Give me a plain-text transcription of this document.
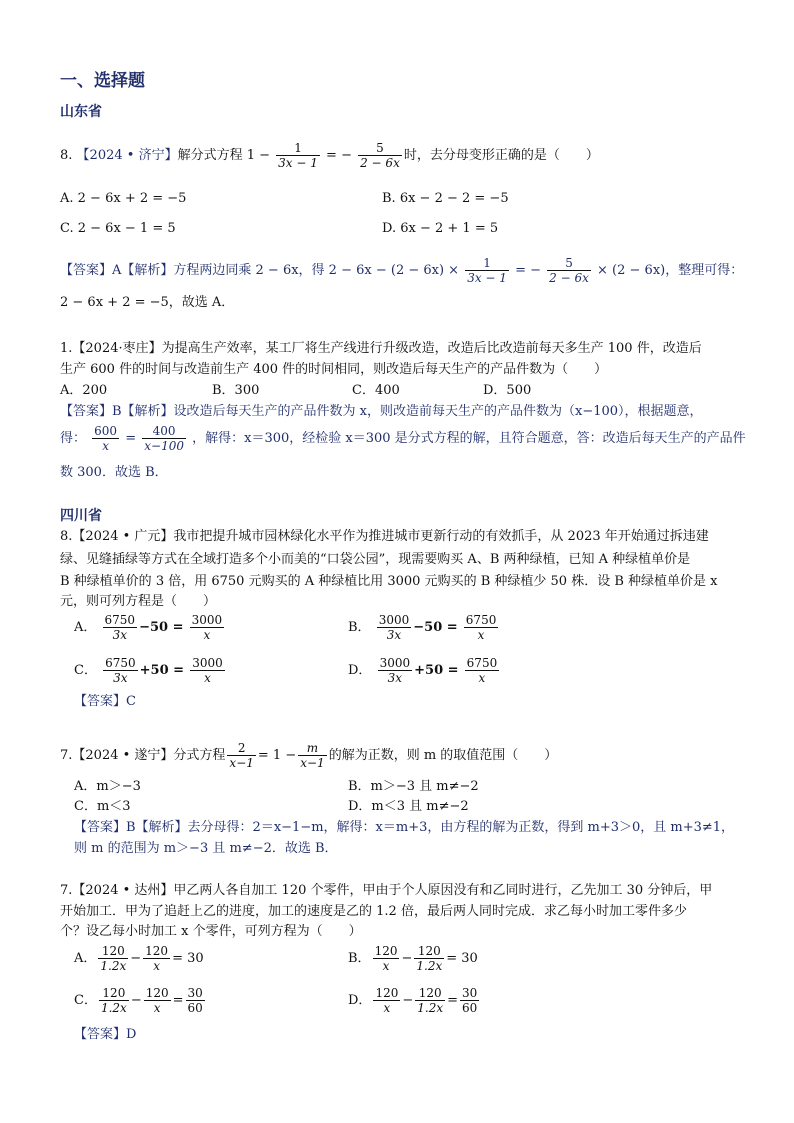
一、选择题
山东省
8. 【2024 • 济宁】解分式方程 $1 - \frac{1}{3x - 1}$ = − $\frac{5}{2 - 6x}$ 时，去分母变形正确的是（　　）
A. 2 − 6x + 2 = −5	B. 6x − 2 − 2 = −5
C. 2 − 6x − 1 = 5	D. 6x − 2 + 1 = 5
【答案】A【解析】方程两边同乘 2 − 6x，得 $2 - 6x - (2 - 6x) \times \frac{1}{3x - 1}$ = − $\frac{5}{2 - 6x} \times (2 - 6x)$，整理可得：
2 − 6x + 2 = −5，故选 A．
1.【2024·枣庄】为提高生产效率，某工厂将生产线进行升级改造，改造后比改造前每天多生产 100 件，改造后
生产 600 件的时间与改造前生产 400 件的时间相同，则改造后每天生产的产品件数为（　　）
A．200	B．300	C．400	D．500
【答案】B【解析】设改造后每天生产的产品件数为 x，则改造前每天生产的产品件数为（x−100），根据题意，
得： $\frac{600}{x} = \frac{400}{x-100}$ ，解得：x＝300，经检验 x＝300 是分式方程的解，且符合题意，答：改造后每天生产的产品件
数 300．故选 B．
四川省
8.【2024 • 广元】我市把提升城市园林绿化水平作为推进城市更新行动的有效抓手，从 2023 年开始通过拆违建
绿、见缝插绿等方式在全域打造多个小而美的“口袋公园”，现需要购买 A、B 两种绿植，已知 A 种绿植单价是
B 种绿植单价的 3 倍，用 6750 元购买的 A 种绿植比用 3000 元购买的 B 种绿植少 50 株．设 B 种绿植单价是 x
元，则可列方程是（　　）
A． $\frac{6750}{3x} -50 = \frac{3000}{x}$	B． $\frac{3000}{3x} -50 = \frac{6750}{x}$
C． $\frac{6750}{3x} +50 = \frac{3000}{x}$	D． $\frac{3000}{3x} +50 = \frac{6750}{x}$
【答案】C
7.【2024 • 遂宁】分式方程 $\frac{2}{x-1} = 1 - \frac{m}{x-1}$ 的解为正数，则 m 的取值范围（　　）
A．m＞−3	B．m＞−3 且 m≠−2
C．m＜3	D．m＜3 且 m≠−2
【答案】B【解析】去分母得：2＝x−1−m，解得：x＝m+3，由方程的解为正数，得到 m+3＞0，且 m+3≠1，
则 m 的范围为 m＞−3 且 m≠−2．故选 B．
7.【2024 • 达州】甲乙两人各自加工 120 个零件，甲由于个人原因没有和乙同时进行，乙先加工 30 分钟后，甲
开始加工．甲为了追赶上乙的进度，加工的速度是乙的 1.2 倍，最后两人同时完成．求乙每小时加工零件多少
个？设乙每小时加工 x 个零件，可列方程为（　　）
A． $\frac{120}{1.2x} - \frac{120}{x} = 30$	B． $\frac{120}{x} - \frac{120}{1.2x} = 30$
C． $\frac{120}{1.2x} - \frac{120}{x} = \frac{30}{60}$	D． $\frac{120}{x} - \frac{120}{1.2x} = \frac{30}{60}$
【答案】D
